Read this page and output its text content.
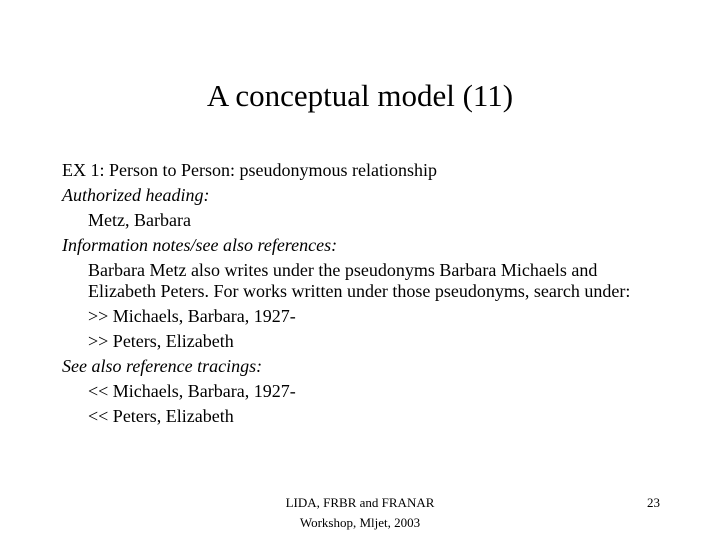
A conceptual model (11)
EX 1: Person to Person: pseudonymous relationship
Authorized heading:
Metz, Barbara
Information notes/see also references:
Barbara Metz also writes under the pseudonyms Barbara Michaels and Elizabeth Peters. For works written under those pseudonyms, search under:
>> Michaels, Barbara, 1927-
>> Peters, Elizabeth
See also reference tracings:
<< Michaels, Barbara, 1927-
<< Peters, Elizabeth
LIDA, FRBR and FRANAR
Workshop, Mljet, 2003
23
